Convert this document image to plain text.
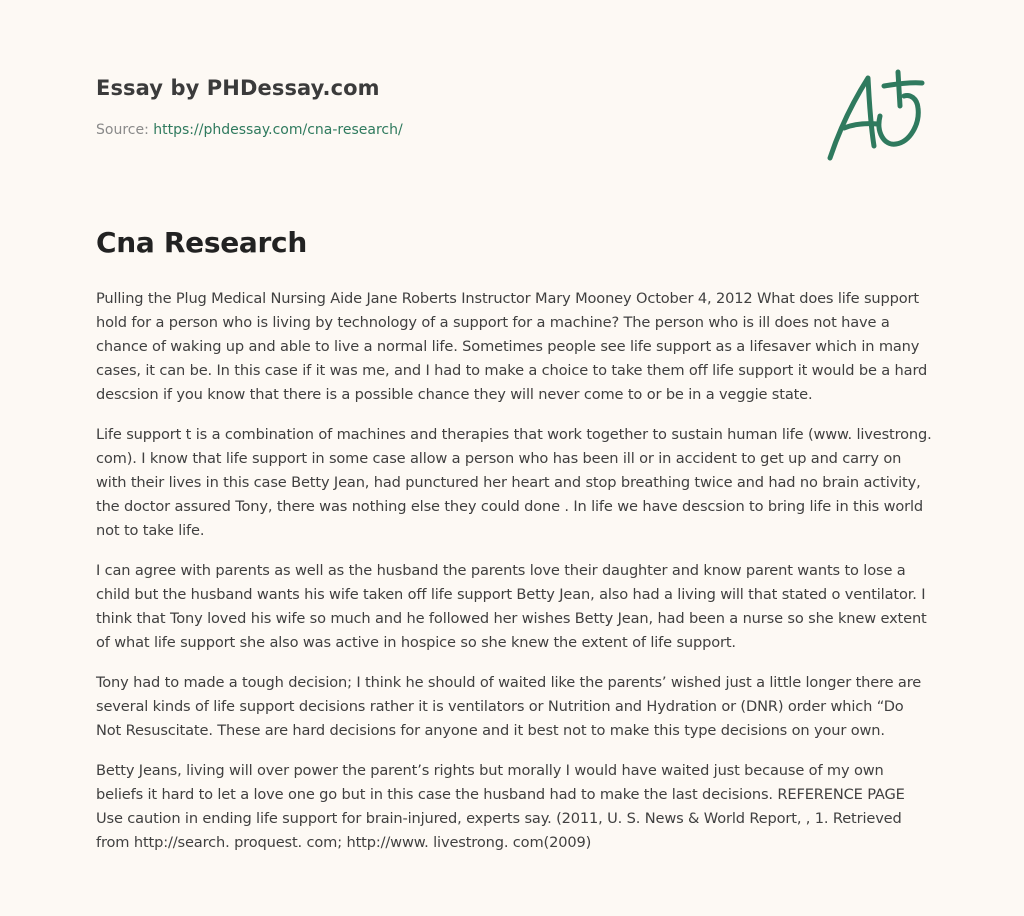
Essay by PHDessay.com
Source: https://phdessay.com/cna-research/
Cna Research

Pulling the Plug Medical Nursing Aide Jane Roberts Instructor Mary Mooney October 4, 2012 What does life support hold for a person who is living by technology of a support for a machine? The person who is ill does not have a chance of waking up and able to live a normal life. Sometimes people see life support as a lifesaver which in many cases, it can be. In this case if it was me, and I had to make a choice to take them off life support it would be a hard descsion if you know that there is a possible chance they will never come to or be in a veggie state.

Life support t is a combination of machines and therapies that work together to sustain human life (www. livestrong. com). I know that life support in some case allow a person who has been ill or in accident to get up and carry on with their lives in this case Betty Jean, had punctured her heart and stop breathing twice and had no brain activity, the doctor assured Tony, there was nothing else they could done . In life we have descsion to bring life in this world not to take life.

I can agree with parents as well as the husband the parents love their daughter and know parent wants to lose a child but the husband wants his wife taken off life support Betty Jean, also had a living will that stated o ventilator. I think that Tony loved his wife so much and he followed her wishes Betty Jean, had been a nurse so she knew extent of what life support she also was active in hospice so she knew the extent of life support.

Tony had to made a tough decision; I think he should of waited like the parents’ wished just a little longer there are several kinds of life support decisions rather it is ventilators or Nutrition and Hydration or (DNR) order which “Do Not Resuscitate. These are hard decisions for anyone and it best not to make this type decisions on your own.

Betty Jeans, living will over power the parent’s rights but morally I would have waited just because of my own beliefs it hard to let a love one go but in this case the husband had to make the last decisions. REFERENCE PAGE Use caution in ending life support for brain-injured, experts say. (2011, U. S. News & World Report, , 1. Retrieved from http://search. proquest. com; http://www. livestrong. com(2009)
